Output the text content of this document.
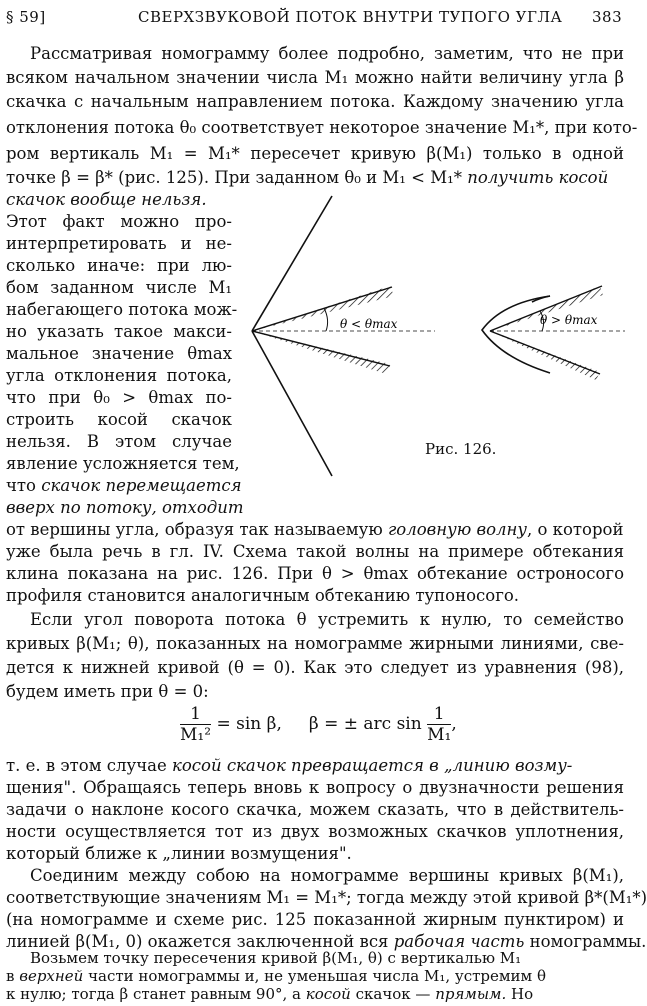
§ 59]	СВЕРХЗВУКОВОЙ ПОТОК ВНУТРИ ТУПОГО УГЛА 383
Рассматривая номограмму более подробно, заметим, что не при
всяком начальном значении числа M₁ можно найти величину угла β
скачка с начальным направлением потока. Каждому значению угла
отклонения потока θ₀ соответствует некоторое значение M₁*, при кото-
ром вертикаль M₁ = M₁* пересечет кривую β(M₁) только в одной
точке β = β* (рис. 125). При заданном θ₀ и M₁ < M₁* получить косой
скачок вообще нельзя.
Этот факт можно про-
интерпретировать и не-
сколько иначе: при лю-
бом заданном числе M₁
набегающего потока мож-
но указать такое макси-
мальное значение θmax
угла отклонения потока,
что при θ₀ > θmax по-
строить косой скачок
нельзя. В этом случае
явление усложняется тем,
что скачок перемещается
вверх по потоку, отходит
θ < θmax	θ > θmax
Рис. 126.
от вершины угла, образуя так называемую головную волну, о которой
уже была речь в гл. IV. Схема такой волны на примере обтекания
клина показана на рис. 126. При θ > θmax обтекание остроносого
профиля становится аналогичным обтеканию тупоносого.
Если угол поворота потока θ устремить к нулю, то семейство
кривых β(M₁; θ), показанных на номограмме жирными линиями, све-
дется к нижней кривой (θ = 0). Как это следует из уравнения (98),
будем иметь при θ = 0:
$\frac{1}{\text{M₁²}} = \sin \beta$,     β = ± arc $\sin \frac{1}{\text{M₁}}$ ,
т. е. в этом случае косой скачок превращается в „линию возму-
щения". Обращаясь теперь вновь к вопросу о двузначности решения
задачи о наклоне косого скачка, можем сказать, что в действитель-
ности осуществляется тот из двух возможных скачков уплотнения,
который ближе к „линии возмущения".
Соединим между собою на номограмме вершины кривых β(M₁),
соответствующие значениям M₁ = M₁*; тогда между этой кривой β*(M₁*)
(на номограмме и схеме рис. 125 показанной жирным пунктиром) и
линией β(M₁, 0) окажется заключенной вся рабочая часть номограммы.
Возьмем точку пересечения кривой β(M₁, θ) с вертикалью M₁
в верхней части номограммы и, не уменьшая числа M₁, устремим θ
к нулю; тогда β станет равным 90°, а косой скачок — прямым. Но
